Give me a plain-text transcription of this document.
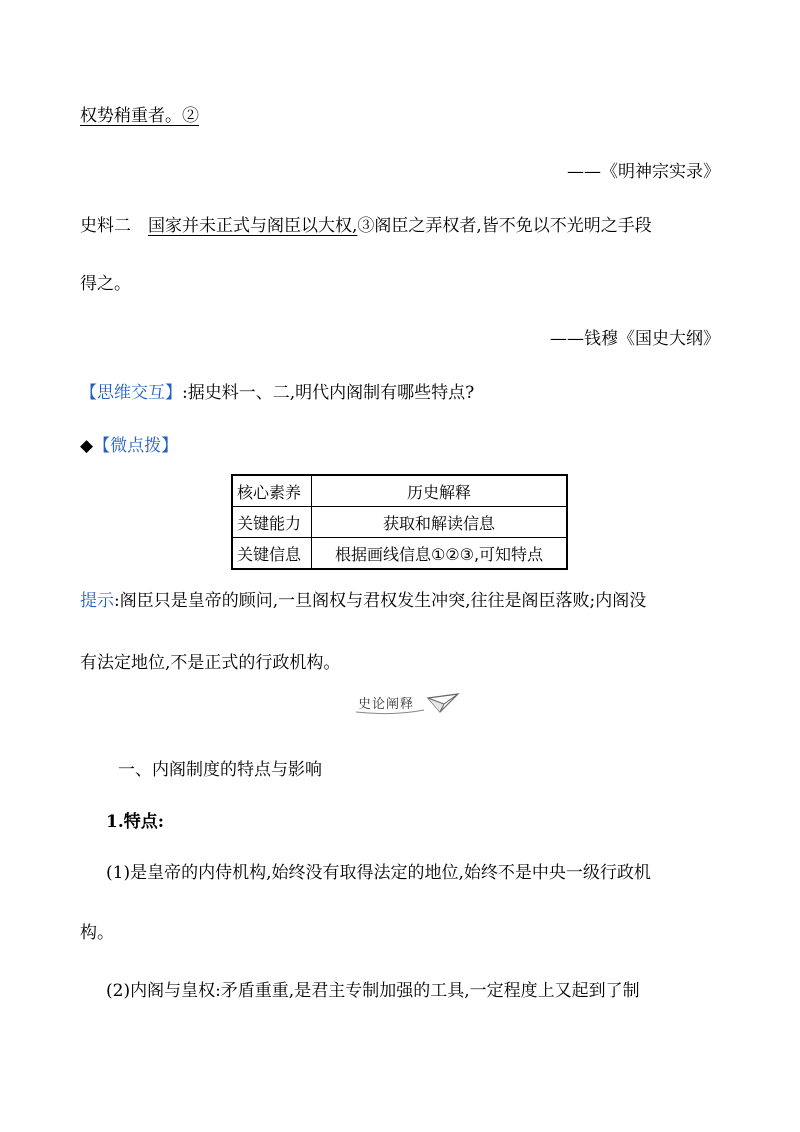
权势稍重者。②
——《明神宗实录》
史料二 国家并未正式与阁臣以大权,③阁臣之弄权者,皆不免以不光明之手段
得之。
——钱穆《国史大纲》
【思维交互】:据史料一、二,明代内阁制有哪些特点?
◆【微点拨】
核心素养	历史解释
关键能力	获取和解读信息
关键信息	根据画线信息①②③,可知特点
提示:阁臣只是皇帝的顾问,一旦阁权与君权发生冲突,往往是阁臣落败;内阁没
有法定地位,不是正式的行政机构。
史论阐释
一、内阁制度的特点与影响
1.特点:
(1)是皇帝的内侍机构,始终没有取得法定的地位,始终不是中央一级行政机
构。
(2)内阁与皇权:矛盾重重,是君主专制加强的工具,一定程度上又起到了制
